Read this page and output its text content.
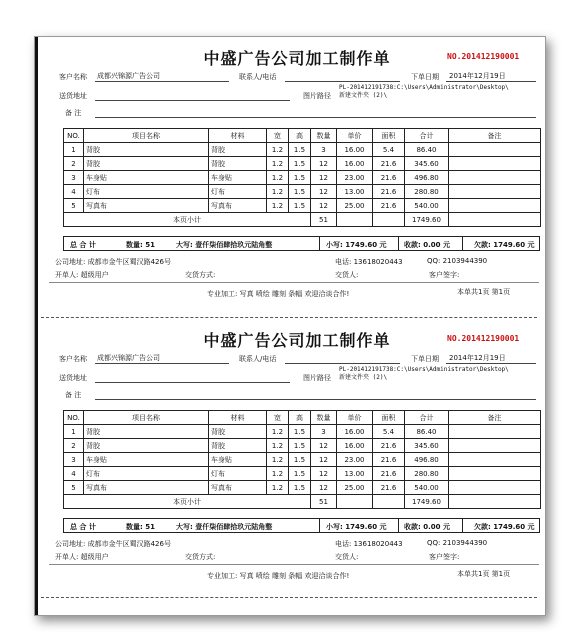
中盛广告公司加工制作单	NO.201412190001
客户名称 成都兴锦源广告公司	联系人/电话	下单日期 2014年12月19日
送货地址	图片路径
PL-201412191738:C:\Users\Administrator\Desktop\
新建文件夹 (2)\
备 注
NO.	项目名称	材料	宽	高	数量	单价	面积	合计	备注
1	背胶	背胶	1.2	1.5	3	16.00	5.4	86.40	
2	背胶	背胶	1.2	1.5	12	16.00	21.6	345.60	
3	车身贴	车身贴	1.2	1.5	12	23.00	21.6	496.80	
4	灯布	灯布	1.2	1.5	12	13.00	21.6	280.80	
5	写真布	写真布	1.2	1.5	12	25.00	21.6	540.00	
本页小计					51			1749.60	
总 合 计	数量: 51	大写: 壹仟柒佰肆拾玖元陆角整	小写: 1749.60 元 收款: 0.00 元	欠款: 1749.60 元
公司地址: 成都市金牛区蜀汉路426号	电话: 13618020443	QQ: 2103944390
开单人: 超级用户	交货方式:	交货人:	客户签字:
专业加工: 写真 喷绘 雕刻 条幅 欢迎洽谈合作!	本单共1页 第1页
中盛广告公司加工制作单	NO.201412190001
客户名称 成都兴锦源广告公司	联系人/电话	下单日期 2014年12月19日
送货地址	图片路径
PL-201412191738:C:\Users\Administrator\Desktop\
新建文件夹 (2)\
备 注
NO.	项目名称	材料	宽	高	数量	单价	面积	合计	备注
1	背胶	背胶	1.2	1.5	3	16.00	5.4	86.40	
2	背胶	背胶	1.2	1.5	12	16.00	21.6	345.60	
3	车身贴	车身贴	1.2	1.5	12	23.00	21.6	496.80	
4	灯布	灯布	1.2	1.5	12	13.00	21.6	280.80	
5	写真布	写真布	1.2	1.5	12	25.00	21.6	540.00	
本页小计					51			1749.60	
总 合 计	数量: 51	大写: 壹仟柒佰肆拾玖元陆角整	小写: 1749.60 元 收款: 0.00 元	欠款: 1749.60 元
公司地址: 成都市金牛区蜀汉路426号	电话: 13618020443	QQ: 2103944390
开单人: 超级用户	交货方式:	交货人:	客户签字:
专业加工: 写真 喷绘 雕刻 条幅 欢迎洽谈合作!	本单共1页 第1页
